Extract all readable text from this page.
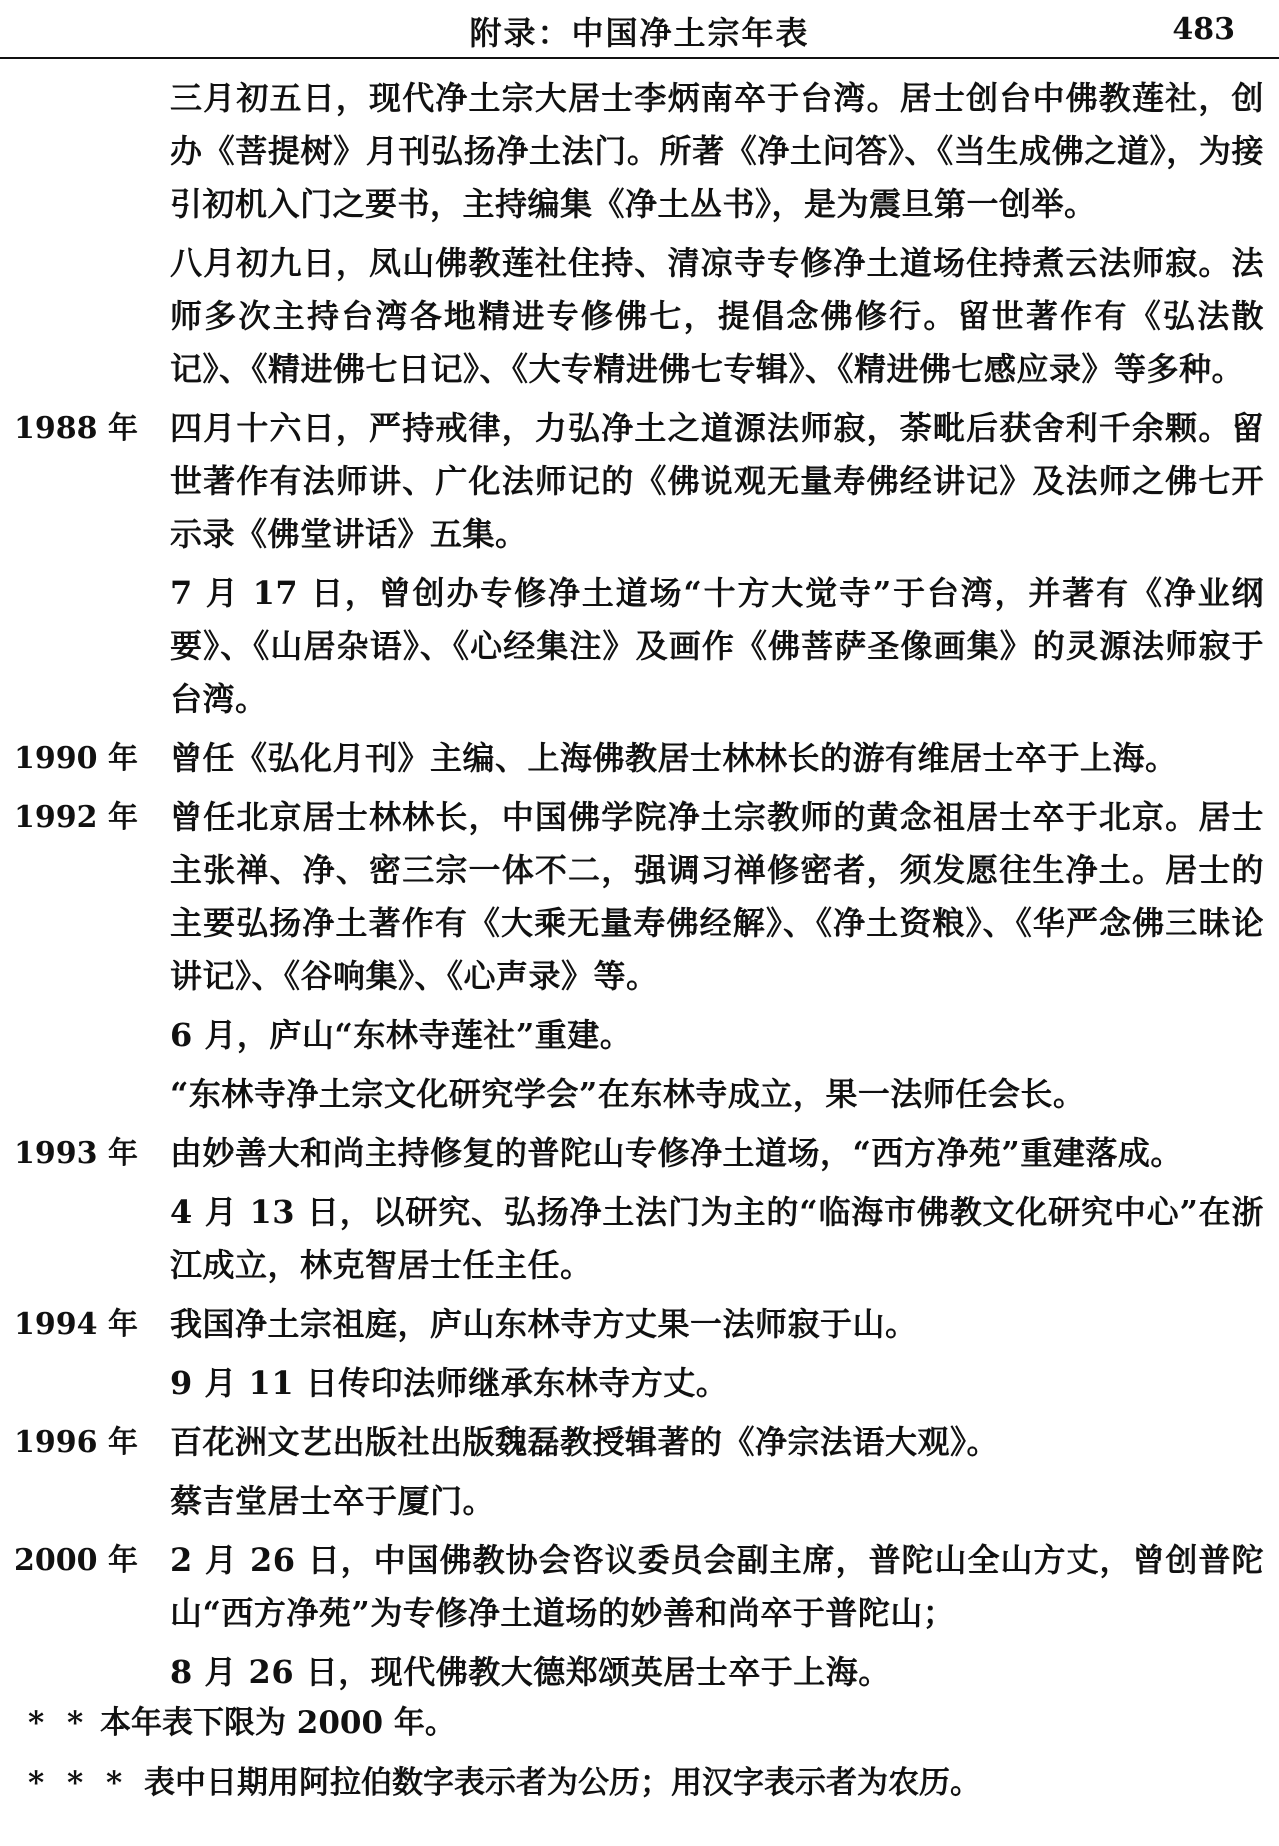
附录：中国净土宗年表	483

三月初五日，现代净土宗大居士李炳南卒于台湾。居士创台中佛教莲社，创办《菩提树》月刊弘扬净土法门。所著《净土问答》、《当生成佛之道》，为接引初机入门之要书，主持编集《净土丛书》，是为震旦第一创举。

八月初九日，凤山佛教莲社住持、清凉寺专修净土道场住持煮云法师寂。法师多次主持台湾各地精进专修佛七，提倡念佛修行。留世著作有《弘法散记》、《精进佛七日记》、《大专精进佛七专辑》、《精进佛七感应录》等多种。

1988 年 四月十六日，严持戒律，力弘净土之道源法师寂，荼毗后获舍利千余颗。留世著作有法师讲、广化法师记的《佛说观无量寿佛经讲记》及法师之佛七开示录《佛堂讲话》五集。

7 月 17 日，曾创办专修净土道场“十方大觉寺”于台湾，并著有《净业纲要》、《山居杂语》、《心经集注》及画作《佛菩萨圣像画集》的灵源法师寂于台湾。

1990 年 曾任《弘化月刊》主编、上海佛教居士林林长的游有维居士卒于上海。

1992 年 曾任北京居士林林长，中国佛学院净土宗教师的黄念祖居士卒于北京。居士主张禅、净、密三宗一体不二，强调习禅修密者，须发愿往生净土。居士的主要弘扬净土著作有《大乘无量寿佛经解》、《净土资粮》、《华严念佛三昧论讲记》、《谷响集》、《心声录》等。

6 月，庐山“东林寺莲社”重建。

“东林寺净土宗文化研究学会”在东林寺成立，果一法师任会长。

1993 年 由妙善大和尚主持修复的普陀山专修净土道场，“西方净苑”重建落成。

4 月 13 日，以研究、弘扬净土法门为主的“临海市佛教文化研究中心”在浙江成立，林克智居士任主任。

1994 年 我国净土宗祖庭，庐山东林寺方丈果一法师寂于山。

9 月 11 日传印法师继承东林寺方丈。

1996 年 百花洲文艺出版社出版魏磊教授辑著的《净宗法语大观》。

蔡吉堂居士卒于厦门。

2000 年 2 月 26 日，中国佛教协会咨议委员会副主席，普陀山全山方丈，曾创普陀山“西方净苑”为专修净土道场的妙善和尚卒于普陀山；

8 月 26 日，现代佛教大德郑颂英居士卒于上海。

* * 本年表下限为 2000 年。
* * * 表中日期用阿拉伯数字表示者为公历；用汉字表示者为农历。
